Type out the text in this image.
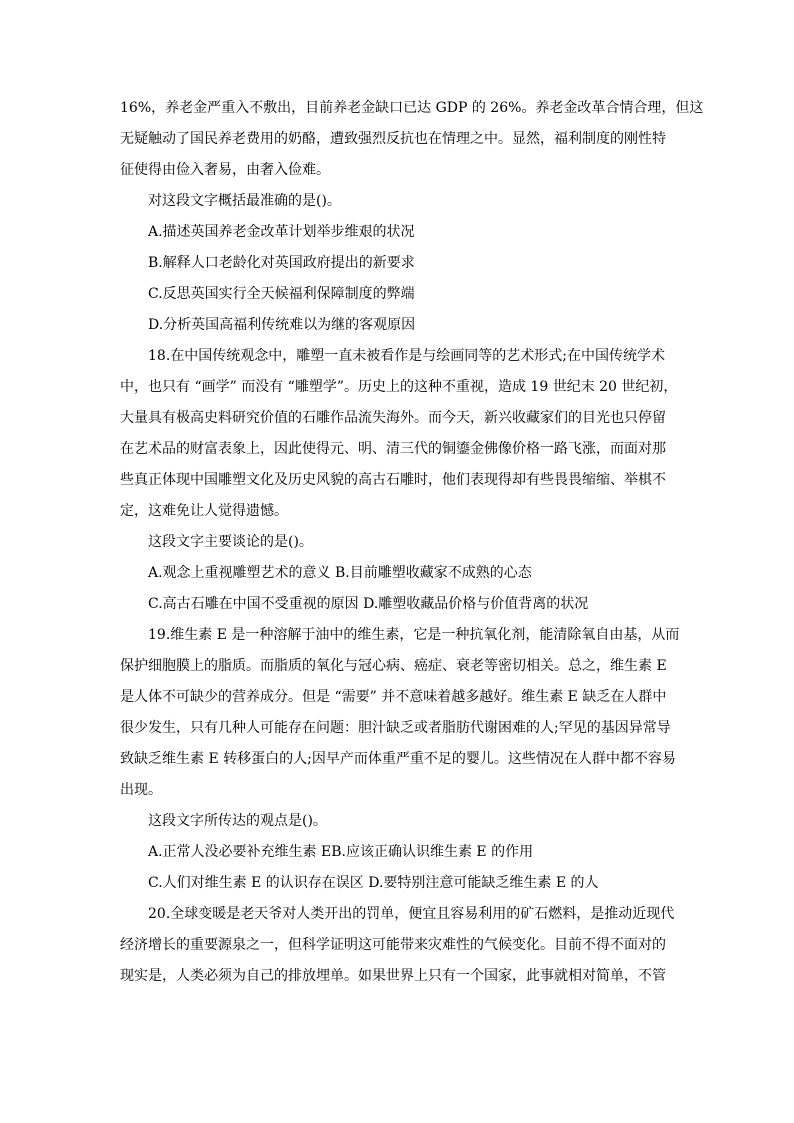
16%，养老金严重入不敷出，目前养老金缺口已达 GDP 的 26%。养老金改革合情合理，但这
无疑触动了国民养老费用的奶酪，遭致强烈反抗也在情理之中。显然，福利制度的刚性特
征使得由俭入奢易，由奢入俭难。
对这段文字概括最准确的是()。
A.描述英国养老金改革计划举步维艰的状况
B.解释人口老龄化对英国政府提出的新要求
C.反思英国实行全天候福利保障制度的弊端
D.分析英国高福利传统难以为继的客观原因
18.在中国传统观念中，雕塑一直未被看作是与绘画同等的艺术形式;在中国传统学术
中，也只有 “画学” 而没有 “雕塑学”。历史上的这种不重视，造成 19 世纪末 20 世纪初，
大量具有极高史料研究价值的石雕作品流失海外。而今天，新兴收藏家们的目光也只停留
在艺术品的财富表象上，因此使得元、明、清三代的铜鎏金佛像价格一路飞涨，而面对那
些真正体现中国雕塑文化及历史风貌的高古石雕时，他们表现得却有些畏畏缩缩、举棋不
定，这难免让人觉得遗憾。
这段文字主要谈论的是()。
A.观念上重视雕塑艺术的意义 B.目前雕塑收藏家不成熟的心态
C.高古石雕在中国不受重视的原因 D.雕塑收藏品价格与价值背离的状况
19.维生素 E 是一种溶解于油中的维生素，它是一种抗氧化剂，能清除氧自由基，从而
保护细胞膜上的脂质。而脂质的氧化与冠心病、癌症、衰老等密切相关。总之，维生素 E
是人体不可缺少的营养成分。但是 “需要” 并不意味着越多越好。维生素 E 缺乏在人群中
很少发生，只有几种人可能存在问题：胆汁缺乏或者脂肪代谢困难的人;罕见的基因异常导
致缺乏维生素 E 转移蛋白的人;因早产而体重严重不足的婴儿。这些情况在人群中都不容易
出现。
这段文字所传达的观点是()。
A.正常人没必要补充维生素 EB.应该正确认识维生素 E 的作用
C.人们对维生素 E 的认识存在误区 D.要特别注意可能缺乏维生素 E 的人
20.全球变暖是老天爷对人类开出的罚单，便宜且容易利用的矿石燃料，是推动近现代
经济增长的重要源泉之一，但科学证明这可能带来灾难性的气候变化。目前不得不面对的
现实是，人类必须为自己的排放埋单。如果世界上只有一个国家，此事就相对简单，不管
